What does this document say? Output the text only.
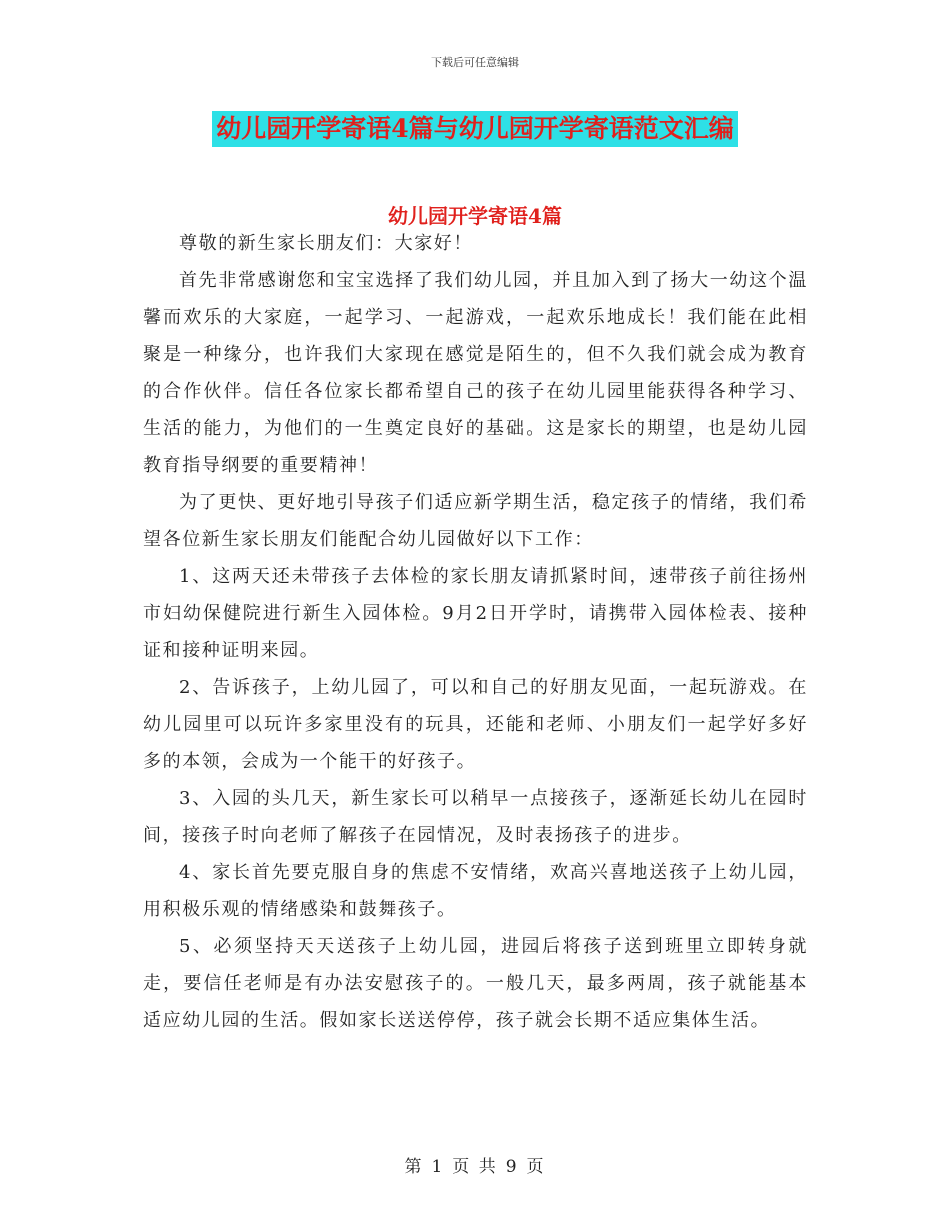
下载后可任意编辑
幼儿园开学寄语4篇与幼儿园开学寄语范文汇编
幼儿园开学寄语4篇

尊敬的新生家长朋友们：大家好！

首先非常感谢您和宝宝选择了我们幼儿园，并且加入到了扬大一幼这个温馨而欢乐的大家庭，一起学习、一起游戏，一起欢乐地成长！我们能在此相聚是一种缘分，也许我们大家现在感觉是陌生的，但不久我们就会成为教育的合作伙伴。信任各位家长都希望自己的孩子在幼儿园里能获得各种学习、生活的能力，为他们的一生奠定良好的基础。这是家长的期望，也是幼儿园教育指导纲要的重要精神！

为了更快、更好地引导孩子们适应新学期生活，稳定孩子的情绪，我们希望各位新生家长朋友们能配合幼儿园做好以下工作：

1、这两天还未带孩子去体检的家长朋友请抓紧时间，速带孩子前往扬州市妇幼保健院进行新生入园体检。9月2日开学时，请携带入园体检表、接种证和接种证明来园。

2、告诉孩子，上幼儿园了，可以和自己的好朋友见面，一起玩游戏。在幼儿园里可以玩许多家里没有的玩具，还能和老师、小朋友们一起学好多好多的本领，会成为一个能干的好孩子。

3、入园的头几天，新生家长可以稍早一点接孩子，逐渐延长幼儿在园时间，接孩子时向老师了解孩子在园情况，及时表扬孩子的进步。

4、家长首先要克服自身的焦虑不安情绪，欢高兴喜地送孩子上幼儿园，用积极乐观的情绪感染和鼓舞孩子。

5、必须坚持天天送孩子上幼儿园，进园后将孩子送到班里立即转身就走，要信任老师是有办法安慰孩子的。一般几天，最多两周，孩子就能基本适应幼儿园的生活。假如家长送送停停，孩子就会长期不适应集体生活。

第 1 页 共 9 页
